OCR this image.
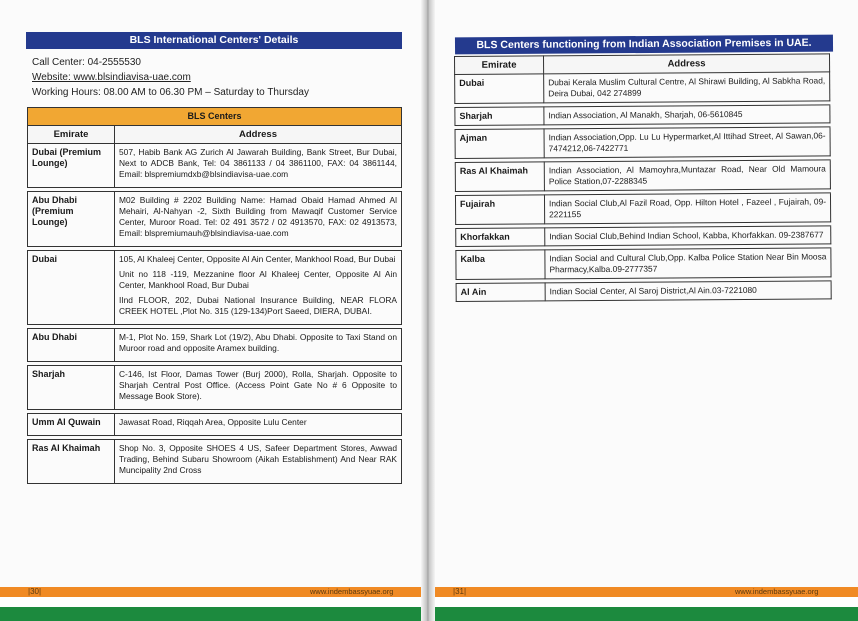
BLS International Centers' Details
Call Center: 04-2555530
Website: www.blsindiavisa-uae.com
Working Hours: 08.00 AM to 06.30 PM – Saturday to Thursday
BLS Centers	
Emirate	Address
Dubai (Premium Lounge)	507, Habib Bank AG Zurich Al Jawarah Building, Bank Street, Bur Dubai, Next to ADCB Bank, Tel: 04 3861133 / 04 3861100, FAX: 04 3861144, Email: blspremiumdxb@blsindiavisa-uae.com

Abu Dhabi (Premium Lounge)	M02 Building # 2202 Building Name: Hamad Obaid Hamad Ahmed Al Mehairi, Al-Nahyan -2, Sixth Building from Mawaqif Customer Service Center, Muroor Road. Tel: 02 491 3572 / 02 4913570, FAX: 02 4913573, Email: blspremiumauh@blsindiavisa-uae.com

Dubai	105, Al Khaleej Center, Opposite Al Ain Center, Mankhool Road, Bur Dubai
Unit no 118 -119, Mezzanine floor Al Khaleej Center, Opposite Al Ain Center, Mankhool Road, Bur Dubai
IInd FLOOR, 202, Dubai National Insurance Building, NEAR FLORA CREEK HOTEL ,Plot No. 315 (129-134)Port Saeed, DIERA, DUBAI.

Abu Dhabi	M-1, Plot No. 159, Shark Lot (19/2), Abu Dhabi. Opposite to Taxi Stand on Muroor road and opposite Aramex building.

Sharjah	C-146, Ist Floor, Damas Tower (Burj 2000), Rolla, Sharjah. Opposite to Sharjah Central Post Office. (Access Point Gate No # 6 Opposite to Message Book Store).

Umm Al Quwain	Jawasat Road, Riqqah Area, Opposite Lulu Center

Ras Al Khaimah	Shop No. 3, Opposite SHOES 4 US, Safeer Department Stores, Awwad Trading, Behind Subaru Showroom (Aikah Establishment) And Near RAK Muncipality 2nd Cross
|30|	www.indembassyuae.org	|31|	www.indembassyuae.org
BLS Centers functioning from Indian Association Premises in UAE.
Emirate	Address
Dubai	Dubai Kerala Muslim Cultural Centre, Al Shirawi Building, Al Sabkha Road, Deira Dubai, 042 274899

Sharjah	Indian Association, Al Manakh, Sharjah, 06-5610845

Ajman	Indian Association,Opp. Lu Lu Hypermarket,Al Ittihad Street, Al Sawan,06-7474212,06-7422771

Ras Al Khaimah	Indian Association, Al Mamoyhra,Muntazar Road, Near Old Mamoura Police Station,07-2288345

Fujairah	Indian Social Club,Al Fazil Road, Opp. Hilton Hotel , Fazeel , Fujairah, 09-2221155

Khorfakkan	Indian Social Club,Behind Indian School, Kabba, Khorfakkan. 09-2387677

Kalba	Indian Social and Cultural Club,Opp. Kalba Police Station Near Bin Moosa Pharmacy,Kalba.09-2777357

Al Ain	Indian Social Center, Al Saroj District,Al Ain.03-7221080
